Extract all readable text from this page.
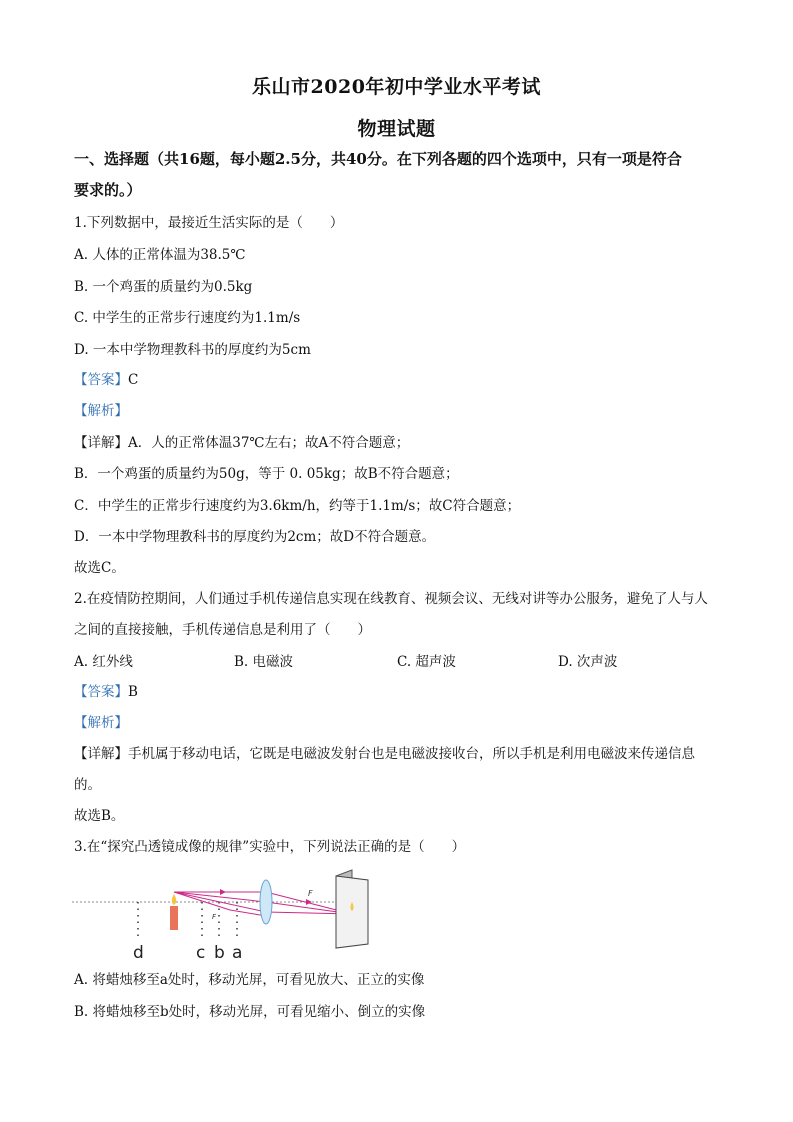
乐山市2020年初中学业水平考试
物理试题
一、选择题（共16题，每小题2.5分，共40分。在下列各题的四个选项中，只有一项是符合
要求的。）
1.下列数据中，最接近生活实际的是（　　）
A. 人体的正常体温为38.5℃
B. 一个鸡蛋的质量约为0.5kg
C. 中学生的正常步行速度约为1.1m/s
D. 一本中学物理教科书的厚度约为5cm
【答案】C
【解析】
【详解】A．人的正常体温37℃左右；故A不符合题意；
B．一个鸡蛋的质量约为50g，等于 0. 05kg；故B不符合题意；
C．中学生的正常步行速度约为3.6km/h，约等于1.1m/s；故C符合题意；
D．一本中学物理教科书的厚度约为2cm；故D不符合题意。
故选C。
2.在疫情防控期间，人们通过手机传递信息实现在线教育、视频会议、无线对讲等办公服务，避免了人与人
之间的直接接触，手机传递信息是利用了（　　）
A. 红外线	B. 电磁波	C. 超声波	D. 次声波
【答案】B
【解析】
【详解】手机属于移动电话，它既是电磁波发射台也是电磁波接收台，所以手机是利用电磁波来传递信息
的。
故选B。
3.在“探究凸透镜成像的规律”实验中，下列说法正确的是（　　）
F
F
d	c b a
A. 将蜡烛移至a处时，移动光屏，可看见放大、正立的实像
B. 将蜡烛移至b处时，移动光屏，可看见缩小、倒立的实像
